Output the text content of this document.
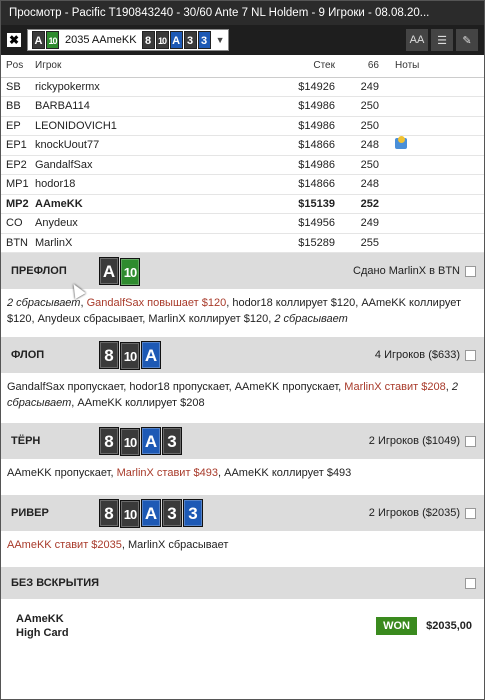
Просмотр - Pacific T190843240 - 30/60 Ante 7 NL Holdem - 9 Игроки - 08.08.20...
✖ A 10 2035 AAmeKK 8 10 A 3 3 ▼	AA	☰	✎
Pos	Игрок	Стек	66	Ноты
SB	rickypokermx	$14926	249	
BB	BARBA114	$14986	250	
EP	LEONIDOVICH1	$14986	250	
EP1	knockUout77	$14866	248	
EP2	GandalfSax	$14986	250	
MP1	hodor18	$14866	248	
MP2	AAmeKK	$15139	252	
CO	Anydeux	$14956	249	
BTN	MarlinX	$15289	255	
ПРЕФЛОП	A 10	Сдано MarlinX в BTN
2 сбрасывает, GandalfSax повышает $120, hodor18 коллирует $120, AAmeKK коллирует $120, Anydeux сбрасывает, MarlinX коллирует $120, 2 сбрасывает
ФЛОП	8 10 A	4 Игроков ($633)
GandalfSax пропускает, hodor18 пропускает, AAmeKK пропускает, MarlinX ставит $208, 2 сбрасывает, AAmeKK коллирует $208
ТЁРН	8 10 A 3	2 Игроков ($1049)
AAmeKK пропускает, MarlinX ставит $493, AAmeKK коллирует $493
РИВЕР	8 10 A 3 3	2 Игроков ($2035)
AAmeKK ставит $2035, MarlinX сбрасывает
БЕЗ ВСКРЫТИЯ
AAmeKK
High Card
WON	$2035,00
